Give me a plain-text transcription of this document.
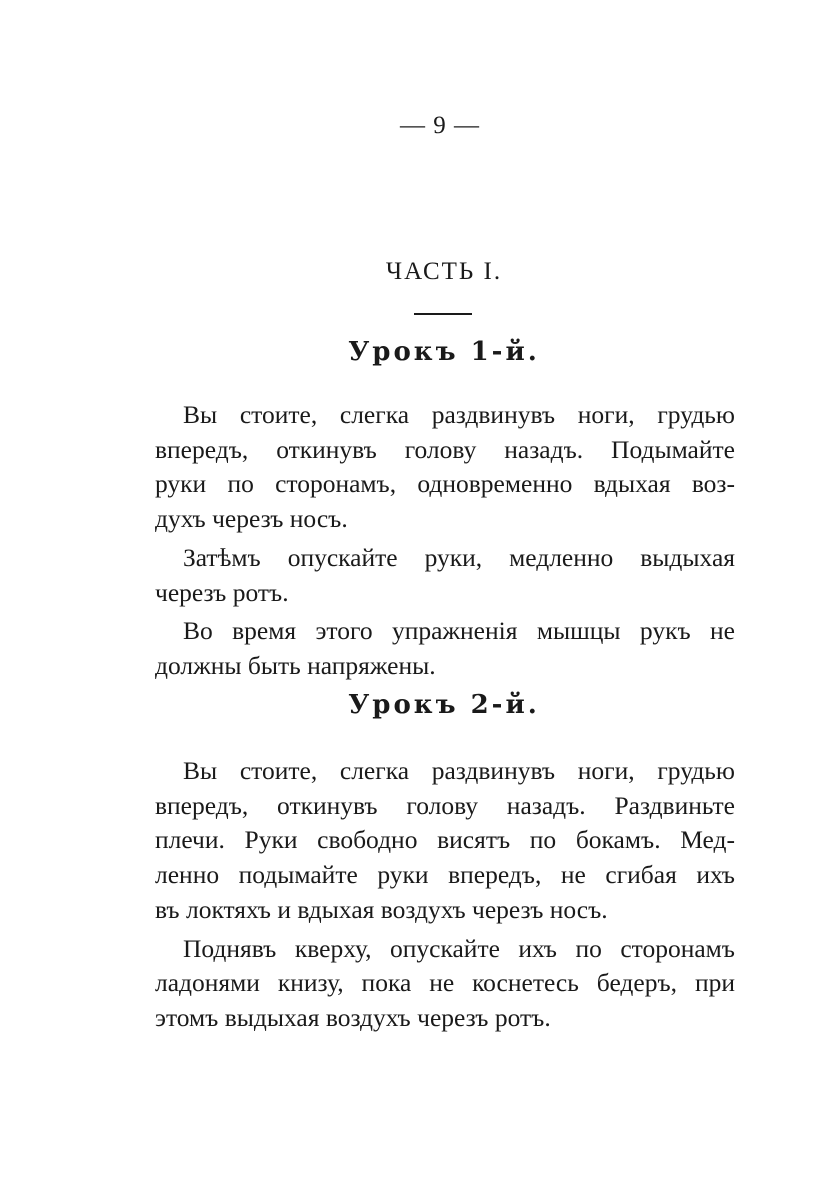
— 9 —
ЧАСТЬ I.
Урокъ 1-й.

Вы стоите, слегка раздвинувъ ноги, грудью
впередъ, откинувъ голову назадъ. Подымайте
руки по сторонамъ, одновременно вдыхая воз-
духъ черезъ носъ.

Затѣмъ опускайте руки, медленно выдыхая
черезъ ротъ.

Во время этого упражненія мышцы рукъ не
должны быть напряжены.

Урокъ 2-й.

Вы стоите, слегка раздвинувъ ноги, грудью
впередъ, откинувъ голову назадъ. Раздвиньте
плечи. Руки свободно висятъ по бокамъ. Мед-
ленно подымайте руки впередъ, не сгибая ихъ
въ локтяхъ и вдыхая воздухъ черезъ носъ.

Поднявъ кверху, опускайте ихъ по сторонамъ
ладонями книзу, пока не коснетесь бедеръ, при
этомъ выдыхая воздухъ черезъ ротъ.
